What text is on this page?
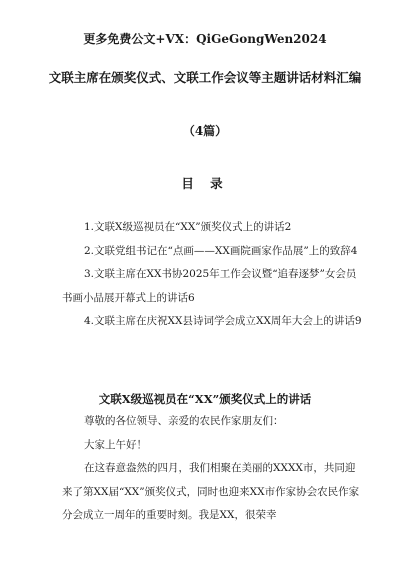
更多免费公文+VX：QiGeGongWen2024
文联主席在颁奖仪式、文联工作会议等主题讲话材料汇编
（4篇）
目 录
1.文联X级巡视员在“XX”颁奖仪式上的讲话2
2.文联党组书记在“点画——XX画院画家作品展”上的致辞4
3.文联主席在XX书协2025年工作会议暨“追春逐梦”女会员书画小品展开幕式上的讲话6
4.文联主席在庆祝XX县诗词学会成立XX周年大会上的讲话9
文联X级巡视员在“XX”颁奖仪式上的讲话
尊敬的各位领导、亲爱的农民作家朋友们：
大家上午好！
在这春意盎然的四月，我们相聚在美丽的XXXX市，共同迎来了第XX届“XX”颁奖仪式，同时也迎来XX市作家协会农民作家分会成立一周年的重要时刻。我是XX，很荣幸
